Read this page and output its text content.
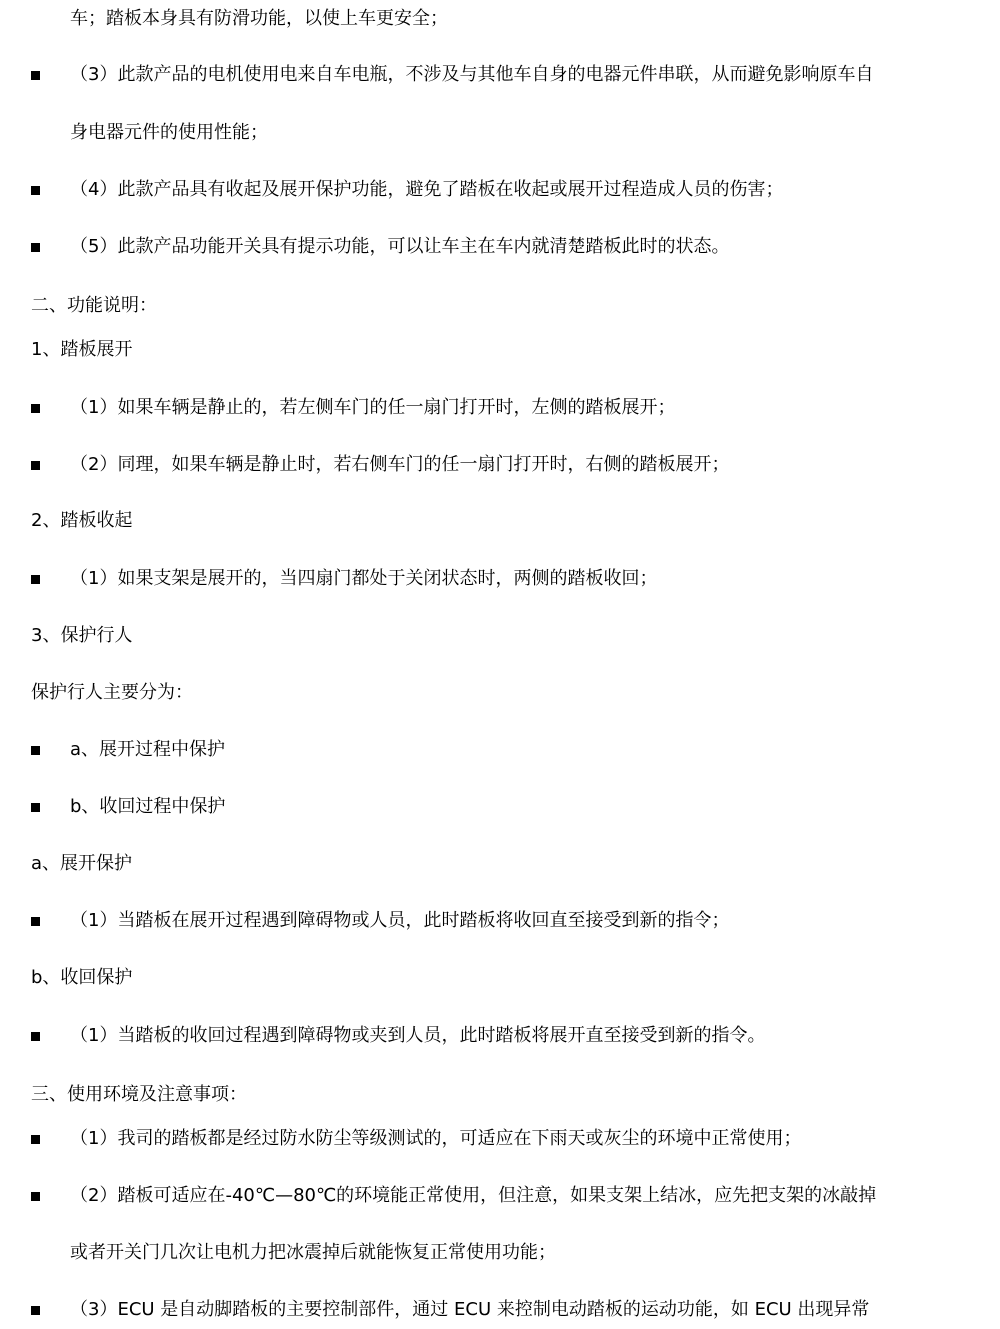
车；踏板本身具有防滑功能，以使上车更安全；
（3）此款产品的电机使用电来自车电瓶，不涉及与其他车自身的电器元件串联，从而避免影响原车自
身电器元件的使用性能；
（4）此款产品具有收起及展开保护功能，避免了踏板在收起或展开过程造成人员的伤害；
（5）此款产品功能开关具有提示功能，可以让车主在车内就清楚踏板此时的状态。
二、功能说明：
1、踏板展开
（1）如果车辆是静止的，若左侧车门的任一扇门打开时，左侧的踏板展开；
（2）同理，如果车辆是静止时，若右侧车门的任一扇门打开时，右侧的踏板展开；
2、踏板收起
（1）如果支架是展开的，当四扇门都处于关闭状态时，两侧的踏板收回；
3、保护行人
保护行人主要分为：
a、展开过程中保护
b、收回过程中保护
a、展开保护
（1）当踏板在展开过程遇到障碍物或人员，此时踏板将收回直至接受到新的指令；
b、收回保护
（1）当踏板的收回过程遇到障碍物或夹到人员，此时踏板将展开直至接受到新的指令。
三、使用环境及注意事项：
（1）我司的踏板都是经过防水防尘等级测试的，可适应在下雨天或灰尘的环境中正常使用；
（2）踏板可适应在-40℃—80℃的环境能正常使用，但注意，如果支架上结冰，应先把支架的冰敲掉
或者开关门几次让电机力把冰震掉后就能恢复正常使用功能；
（3）ECU 是自动脚踏板的主要控制部件，通过 ECU 来控制电动踏板的运动功能，如 ECU 出现异常
